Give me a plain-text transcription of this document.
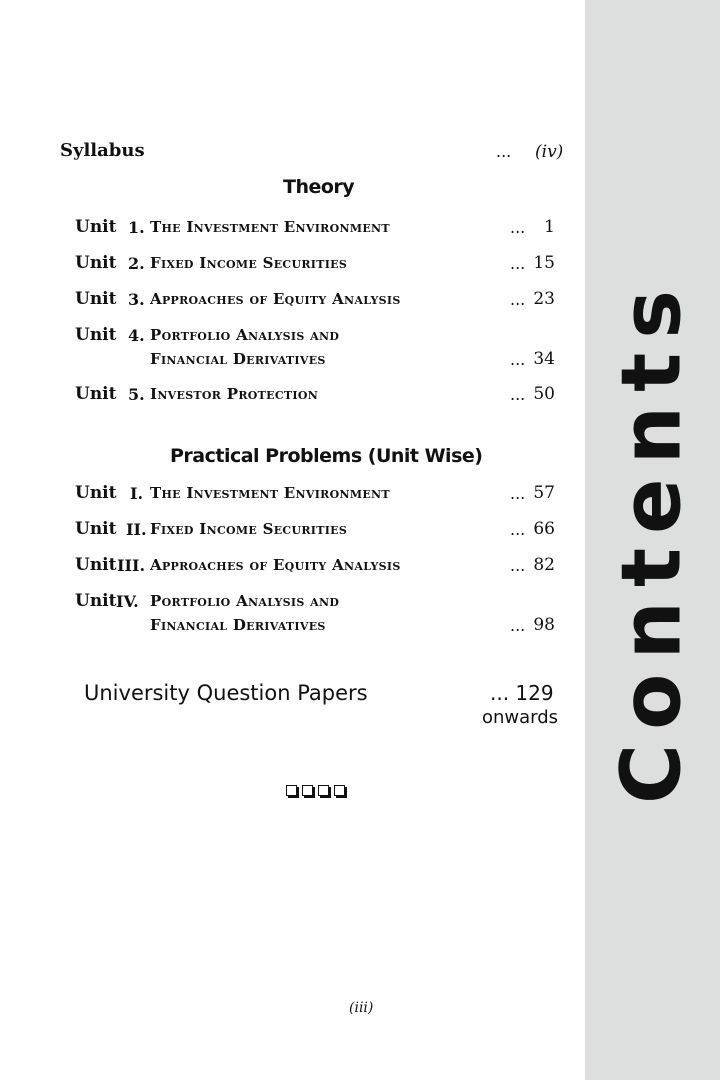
Contents
Syllabus	... (iv)
Theory
Unit 1. The Investment Environment	...	1
Unit 2. Fixed Income Securities	... 15
Unit 3. Approaches of Equity Analysis	... 23
Unit 4. Portfolio Analysis and
Financial Derivatives	... 34
Unit 5. Investor Protection	... 50
Practical Problems (Unit Wise)
Unit I. The Investment Environment	... 57
Unit II. Fixed Income Securities	... 66
Unit III. Approaches of Equity Analysis	... 82
Unit IV. Portfolio Analysis and
Financial Derivatives	... 98
University Question Papers	... 129
onwards
(iii)
